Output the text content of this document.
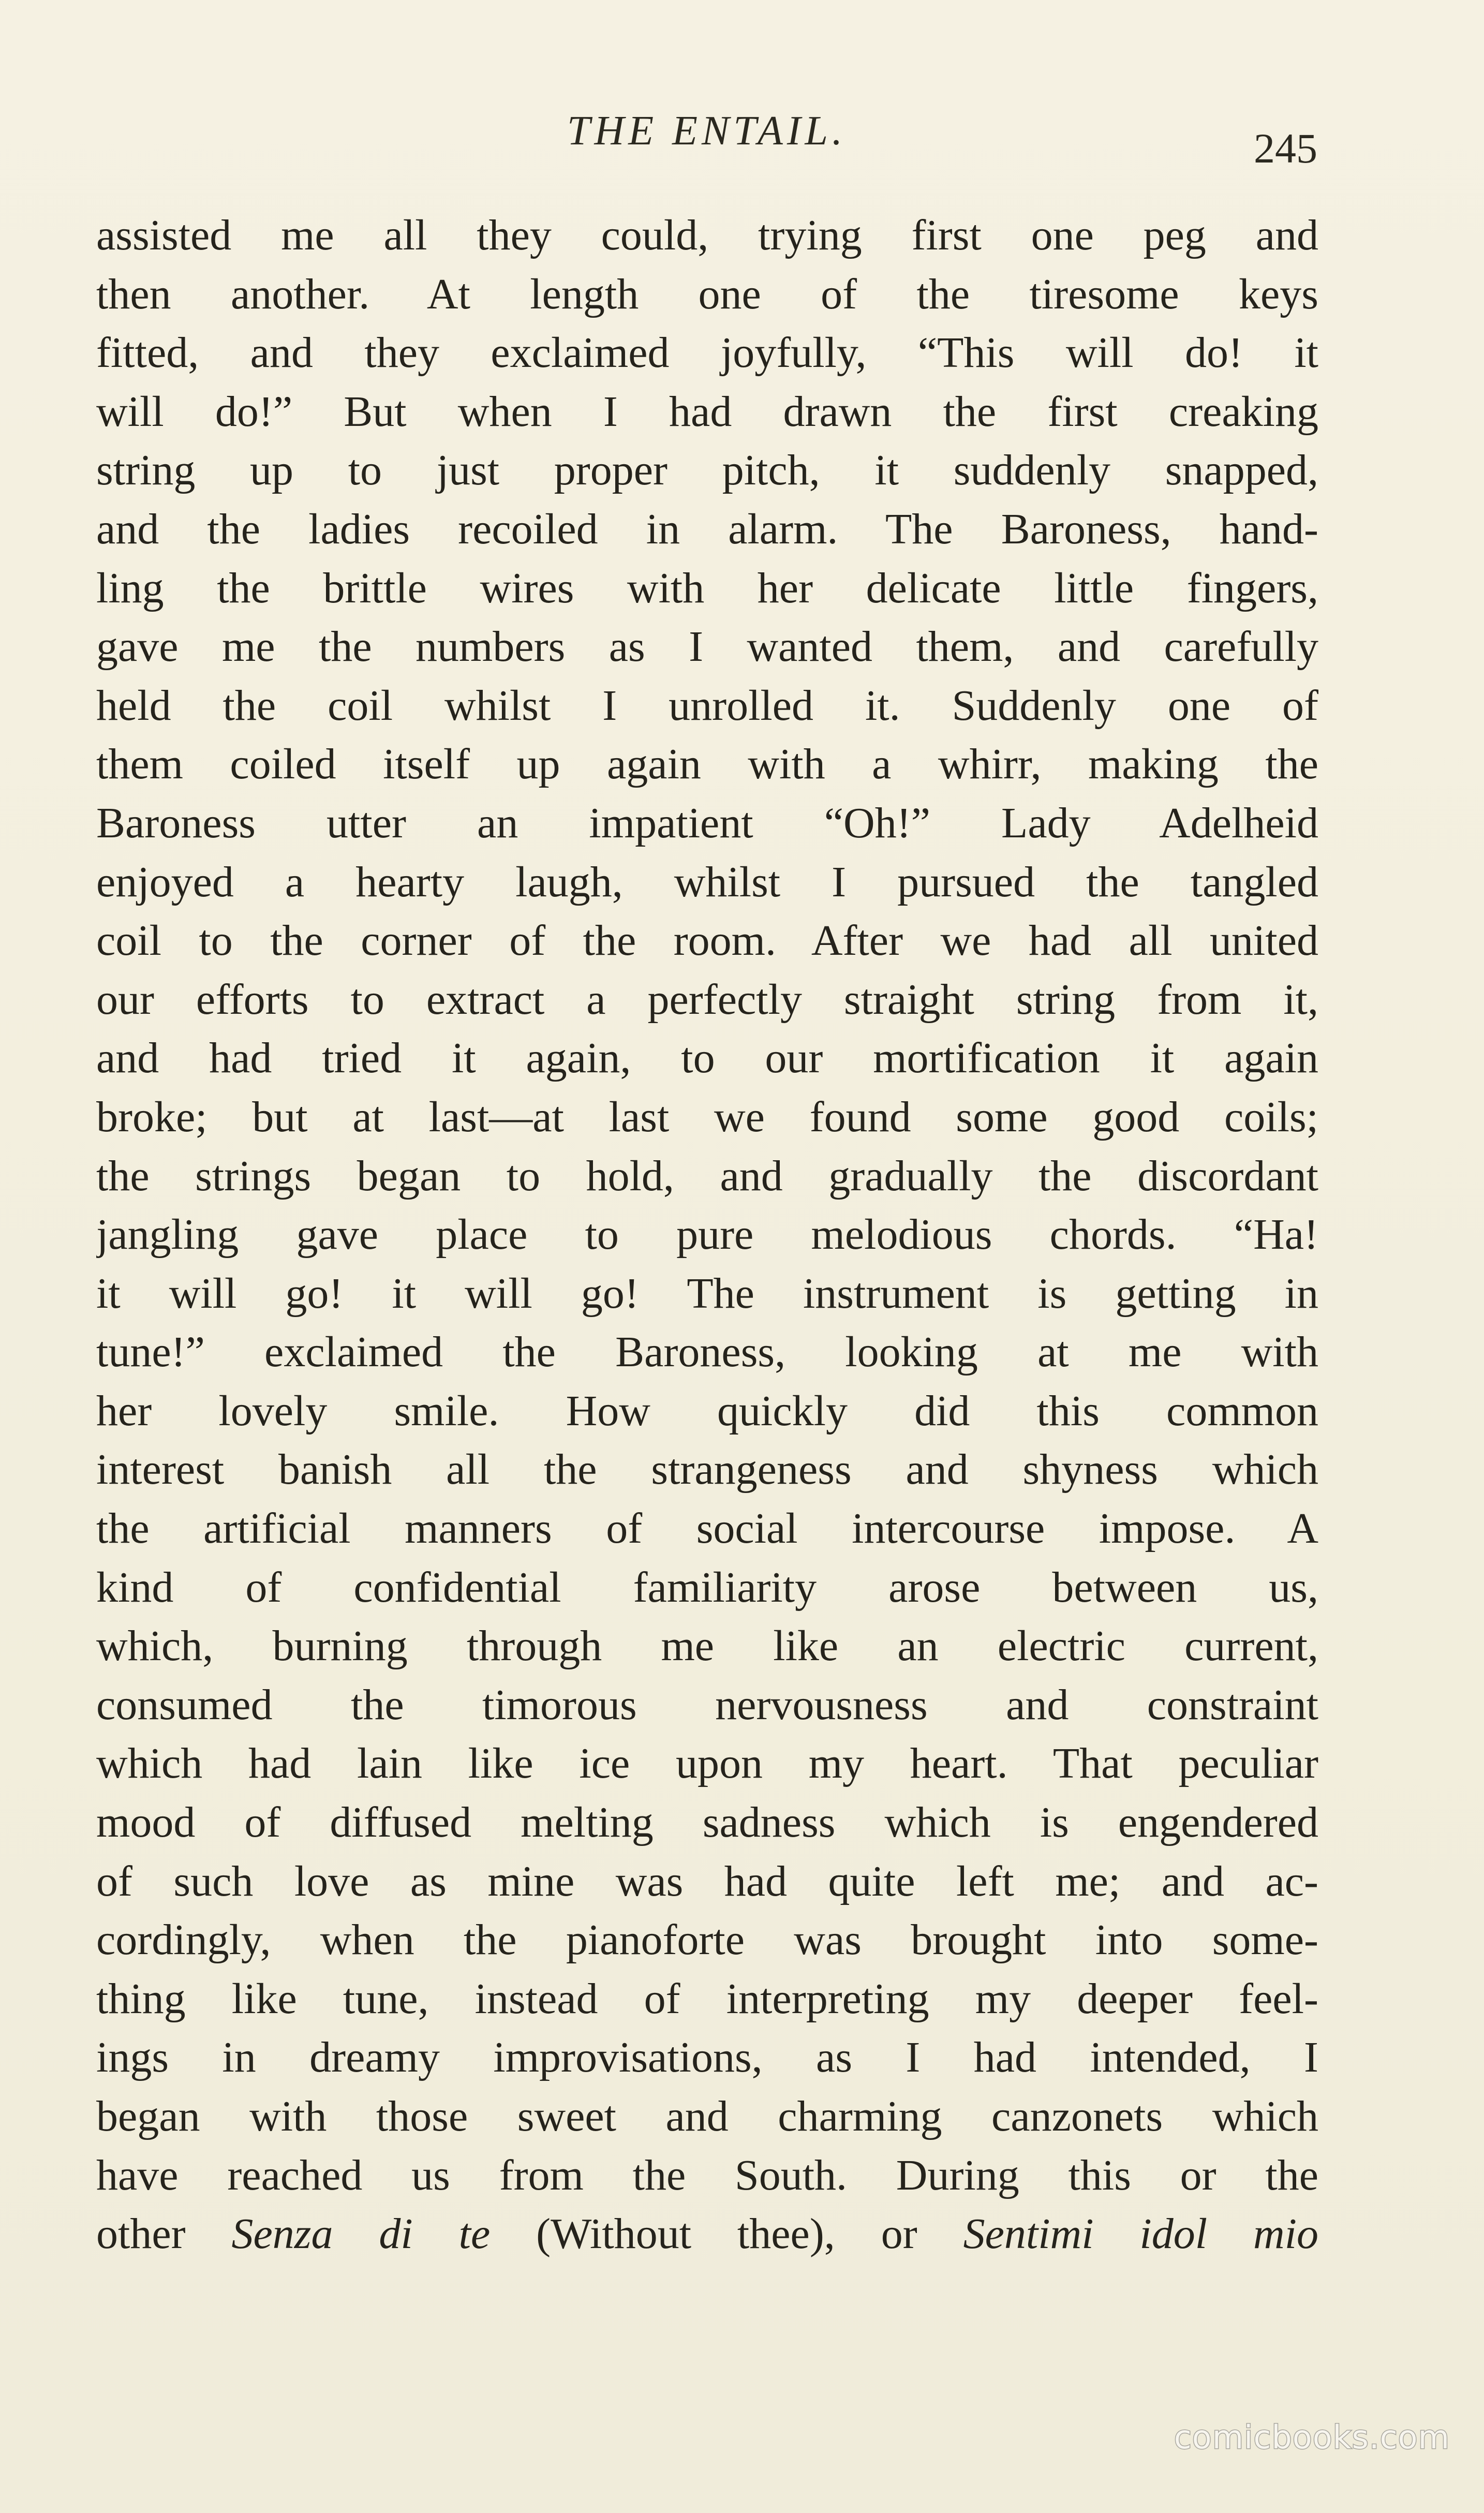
THE ENTAIL.	245
assisted me all they could, trying first one peg and
then another. At length one of the tiresome keys
fitted, and they exclaimed joyfully, “This will do! it
will do!” But when I had drawn the first creaking
string up to just proper pitch, it suddenly snapped,
and the ladies recoiled in alarm. The Baroness, hand-
ling the brittle wires with her delicate little fingers,
gave me the numbers as I wanted them, and carefully
held the coil whilst I unrolled it. Suddenly one of
them coiled itself up again with a whirr, making the
Baroness utter an impatient “Oh!” Lady Adelheid
enjoyed a hearty laugh, whilst I pursued the tangled
coil to the corner of the room. After we had all united
our efforts to extract a perfectly straight string from it,
and had tried it again, to our mortification it again
broke; but at last—at last we found some good coils;
the strings began to hold, and gradually the discordant
jangling gave place to pure melodious chords. “Ha!
it will go! it will go! The instrument is getting in
tune!” exclaimed the Baroness, looking at me with
her lovely smile. How quickly did this common
interest banish all the strangeness and shyness which
the artificial manners of social intercourse impose. A
kind of confidential familiarity arose between us,
which, burning through me like an electric current,
consumed the timorous nervousness and constraint
which had lain like ice upon my heart. That peculiar
mood of diffused melting sadness which is engendered
of such love as mine was had quite left me; and ac-
cordingly, when the pianoforte was brought into some-
thing like tune, instead of interpreting my deeper feel-
ings in dreamy improvisations, as I had intended, I
began with those sweet and charming canzonets which
have reached us from the South. During this or the
other Senza di te (Without thee), or Sentimi idol mio
comicbooks.com
